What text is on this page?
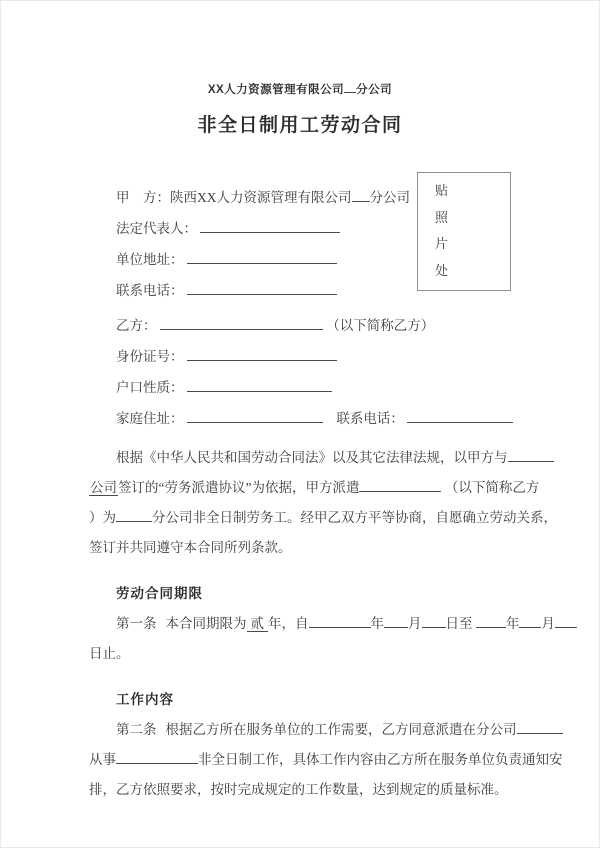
XX人力资源管理有限公司 分公司
非全日制用工劳动合同
贴
照
片
处
甲　方：陕西XX人力资源管理有限公司 分公司
法定代表人：
单位地址：
联系电话：
乙方：	（以下简称乙方）
身份证号：
户口性质：
家庭住址： 　	联系电话：
根据《中华人民共和国劳动合同法》以及其它法律法规，以甲方与
公司签订的“劳务派遣协议”为依据，甲方派遣	（以下简称乙方
）为	分公司非全日制劳务工。经甲乙双方平等协商，自愿确立劳动关系，
签订并共同遵守本合同所列条款。
劳动合同期限
第一条 本合同期限为 贰 年，自	年 月 日至 年 月
日止。
工作内容
第二条 根据乙方所在服务单位的工作需要，乙方同意派遣在 分公司
从事	非全日制工作，具体工作内容由乙方所在服务单位负责通知安
排，乙方依照要求，按时完成规定的工作数量，达到规定的质量标准。
